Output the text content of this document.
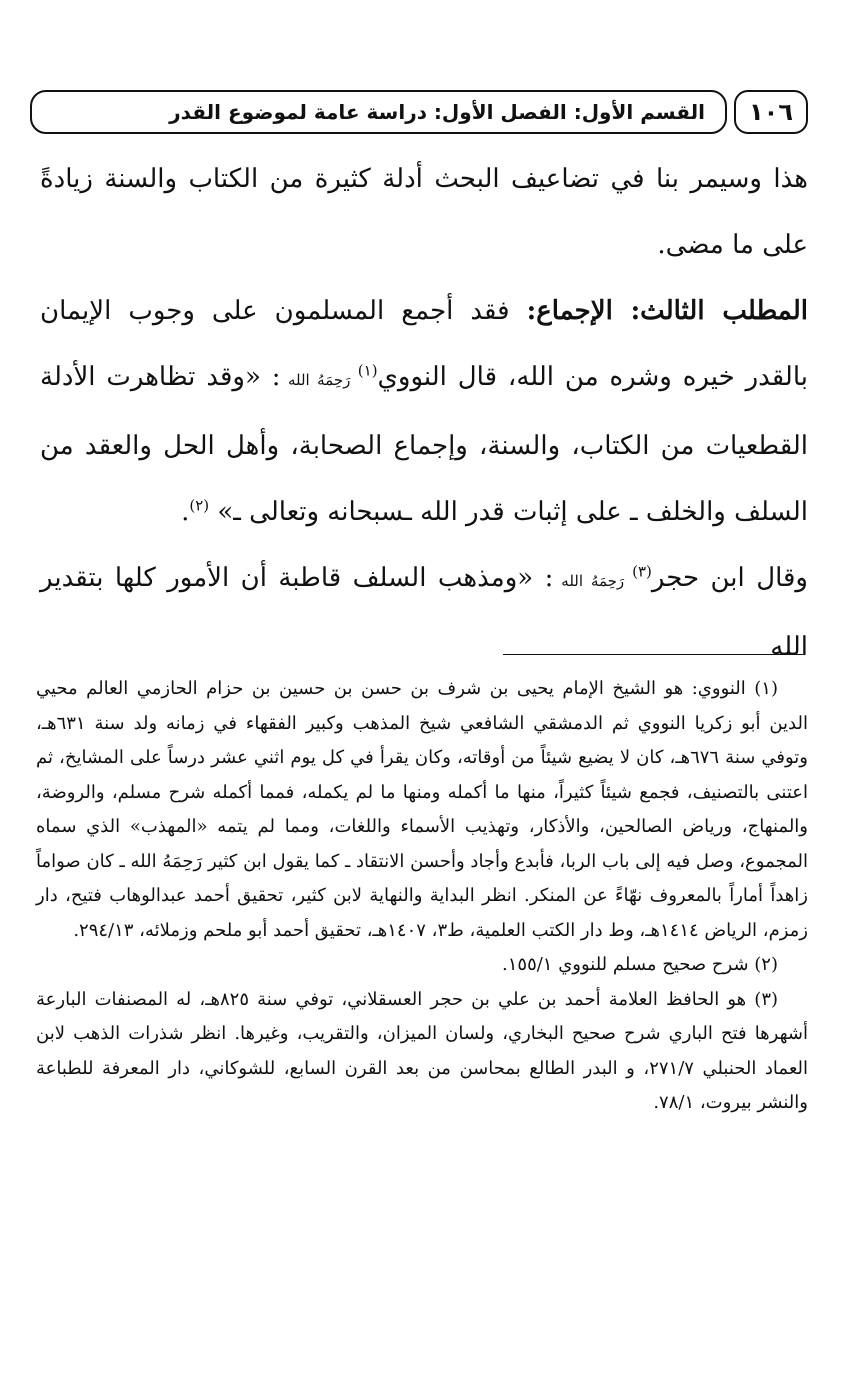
القسم الأول: الفصل الأول: دراسة عامة لموضوع القدر	١٠٦

هذا وسيمر بنا في تضاعيف البحث أدلة كثيرة من الكتاب والسنة زيادةً على ما مضى.

المطلب الثالث: الإجماع: فقد أجمع المسلمون على وجوب الإيمان بالقدر خيره وشره من الله، قال النووي$^{(١)}$ رَحِمَهُ الله : «وقد تظاهرت الأدلة القطعيات من الكتاب، والسنة، وإجماع الصحابة، وأهل الحل والعقد من السلف والخلف ـ على إثبات قدر الله ـسبحانه وتعالى ـ» $^{(٢)}$.

وقال ابن حجر$^{(٣)}$ رَحِمَهُ الله : «ومذهب السلف قاطبة أن الأمور كلها بتقدير الله

(١) النووي: هو الشيخ الإمام يحيى بن شرف بن حسن بن حسين بن حزام الحازمي العالم محيي الدين أبو زكريا النووي ثم الدمشقي الشافعي شيخ المذهب وكبير الفقهاء في زمانه ولد سنة ٦٣١هـ، وتوفي سنة ٦٧٦هـ، كان لا يضيع شيئاً من أوقاته، وكان يقرأ في كل يوم اثني عشر درساً على المشايخ، ثم اعتنى بالتصنيف، فجمع شيئاً كثيراً، منها ما أكمله ومنها ما لم يكمله، فمما أكمله شرح مسلم، والروضة، والمنهاج، ورياض الصالحين، والأذكار، وتهذيب الأسماء واللغات، ومما لم يتمه «المهذب» الذي سماه المجموع، وصل فيه إلى باب الربا، فأبدع وأجاد وأحسن الانتقاد ـ كما يقول ابن كثير رَحِمَهُ الله ـ كان صواماً زاهداً أماراً بالمعروف نهّاءً عن المنكر. انظر البداية والنهاية لابن كثير، تحقيق أحمد عبدالوهاب فتيح، دار زمزم، الرياض ١٤١٤هـ، وط دار الكتب العلمية، ط٣، ١٤٠٧هـ، تحقيق أحمد أبو ملحم وزملائه، ٢٩٤/١٣.

(٢) شرح صحيح مسلم للنووي ١٥٥/١.

(٣) هو الحافظ العلامة أحمد بن علي بن حجر العسقلاني، توفي سنة ٨٢٥هـ، له المصنفات البارعة أشهرها فتح الباري شرح صحيح البخاري، ولسان الميزان، والتقريب، وغيرها. انظر شذرات الذهب لابن العماد الحنبلي ٢٧١/٧، و البدر الطالع بمحاسن من بعد القرن السابع، للشوكاني، دار المعرفة للطباعة والنشر بيروت، ٧٨/١.
